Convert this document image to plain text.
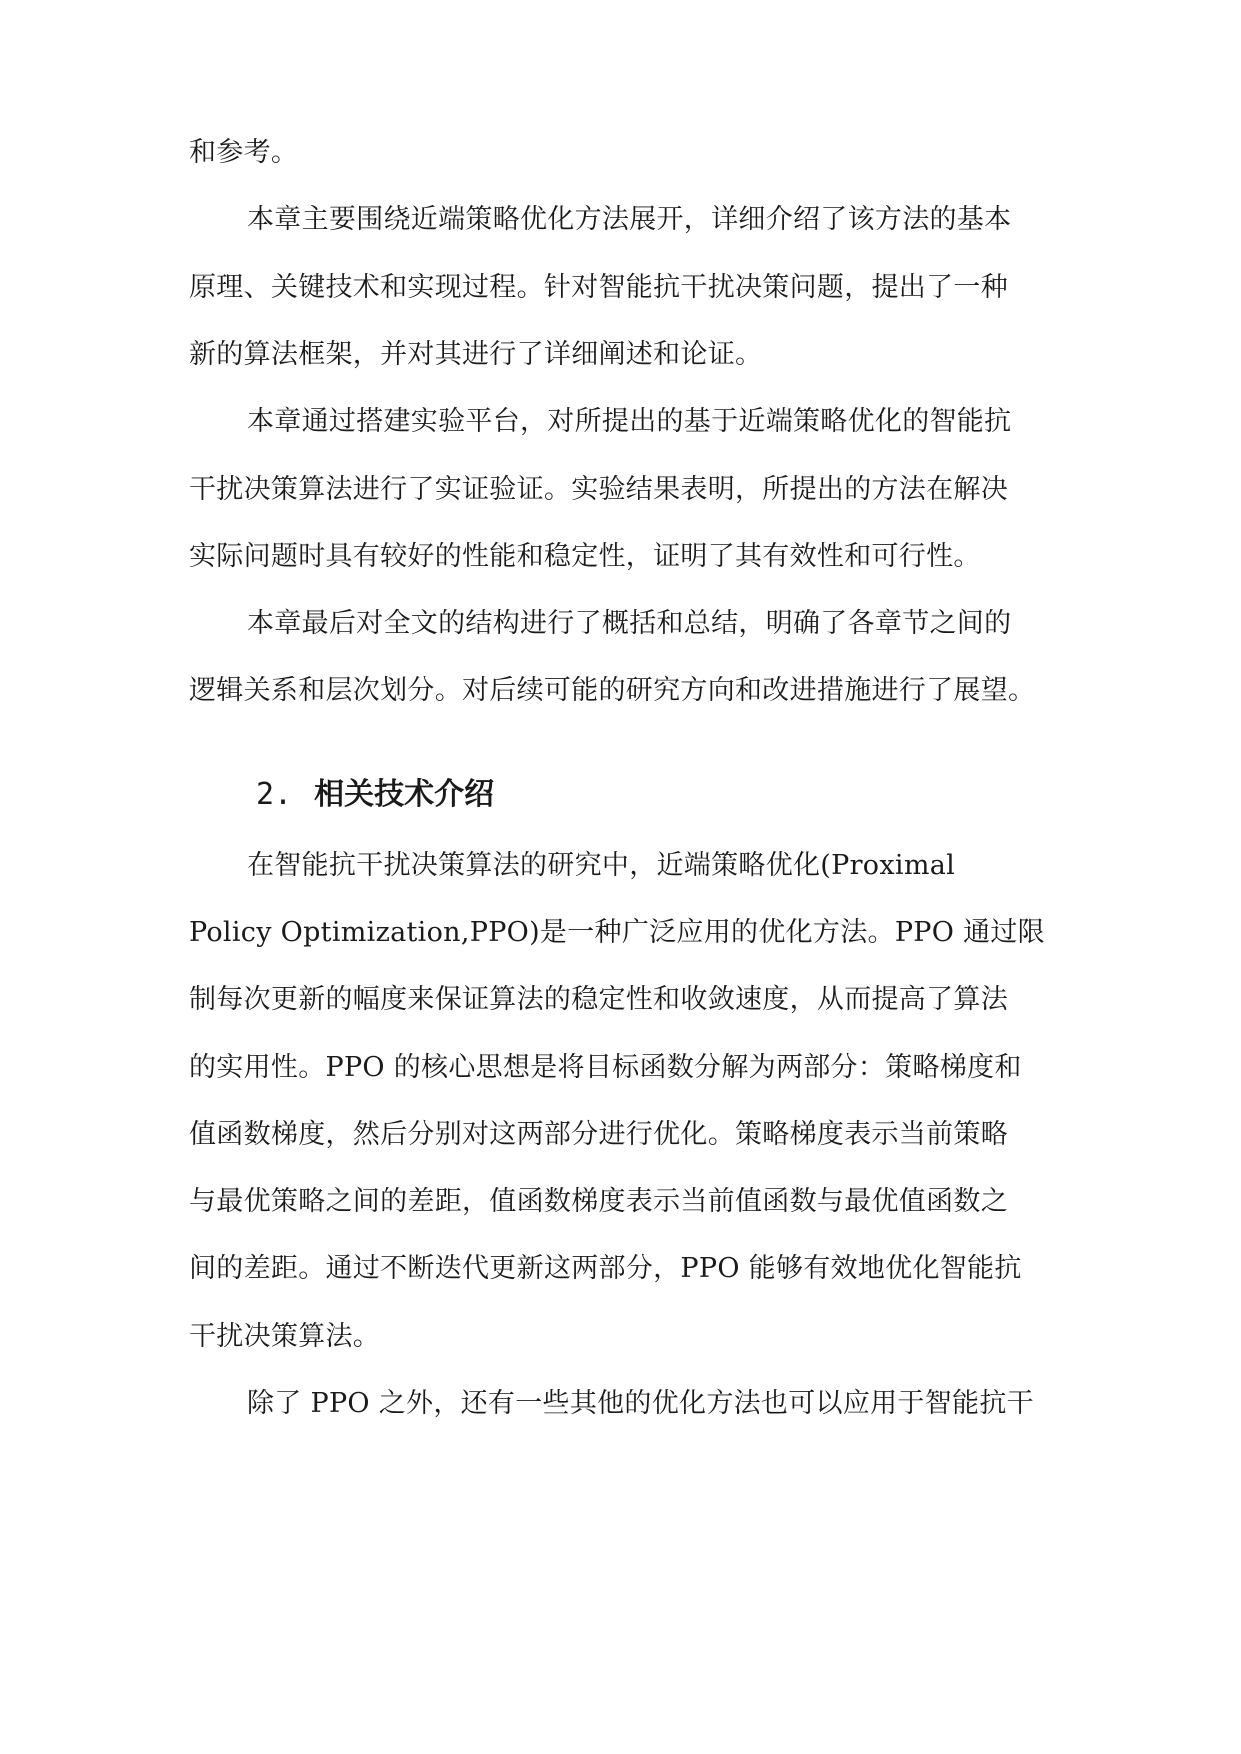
和参考。
本章主要围绕近端策略优化方法展开，详细介绍了该方法的基本
原理、关键技术和实现过程。针对智能抗干扰决策问题，提出了一种
新的算法框架，并对其进行了详细阐述和论证。
本章通过搭建实验平台，对所提出的基于近端策略优化的智能抗
干扰决策算法进行了实证验证。实验结果表明，所提出的方法在解决
实际问题时具有较好的性能和稳定性，证明了其有效性和可行性。
本章最后对全文的结构进行了概括和总结，明确了各章节之间的
逻辑关系和层次划分。对后续可能的研究方向和改进措施进行了展望。
2. 相关技术介绍
在智能抗干扰决策算法的研究中，近端策略优化(Proximal
Policy Optimization,PPO)是一种广泛应用的优化方法。PPO 通过限
制每次更新的幅度来保证算法的稳定性和收敛速度，从而提高了算法
的实用性。PPO 的核心思想是将目标函数分解为两部分：策略梯度和
值函数梯度，然后分别对这两部分进行优化。策略梯度表示当前策略
与最优策略之间的差距，值函数梯度表示当前值函数与最优值函数之
间的差距。通过不断迭代更新这两部分，PPO 能够有效地优化智能抗
干扰决策算法。
除了 PPO 之外，还有一些其他的优化方法也可以应用于智能抗干
